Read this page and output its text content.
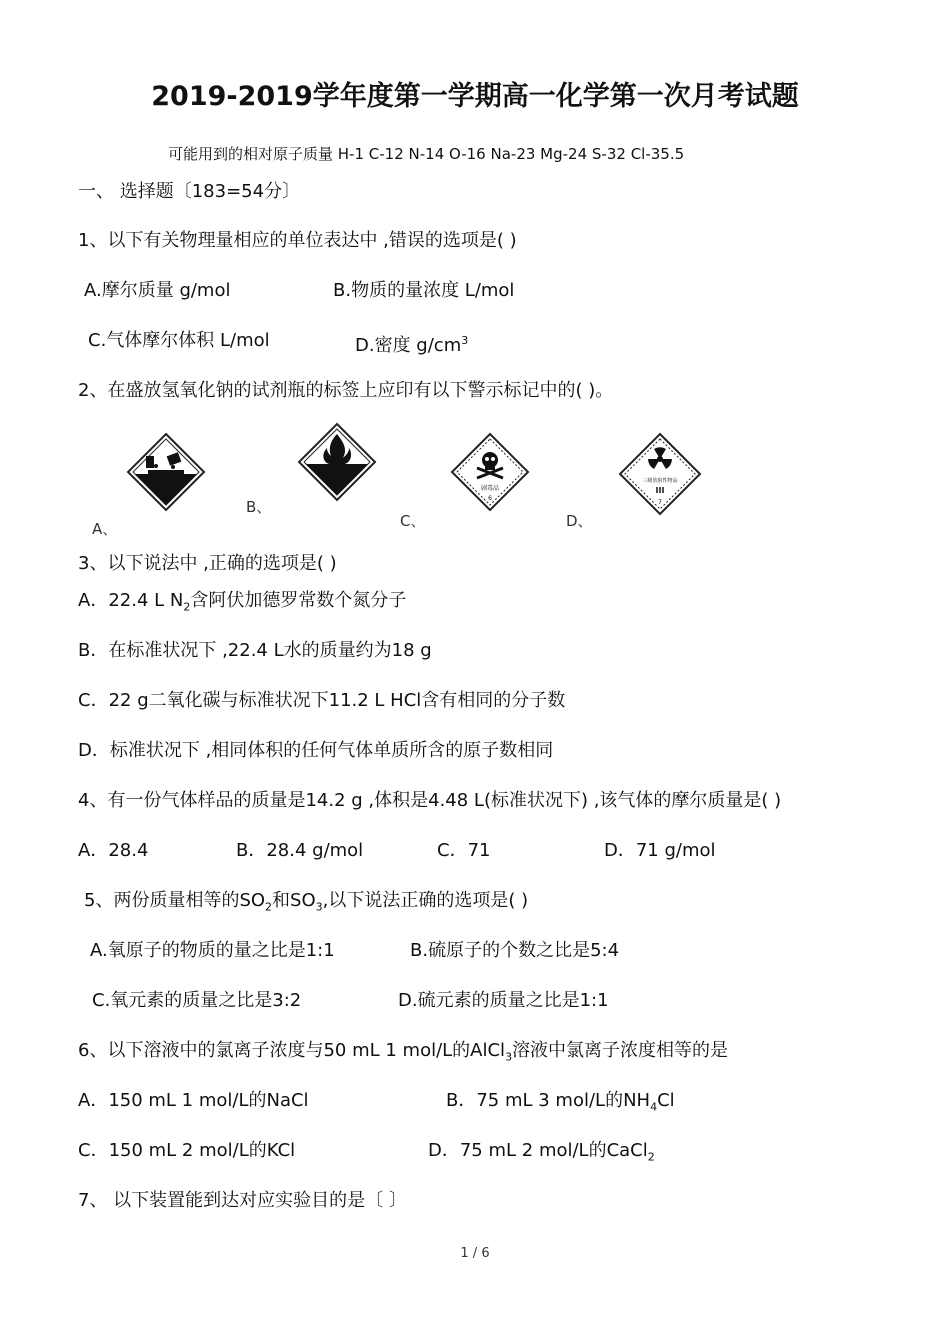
2019-2019学年度第一学期高一化学第一次月考试题
可能用到的相对原子质量 H-1 C-12 N-14 O-16 Na-23 Mg-24 S-32 Cl-35.5
一、 选择题〔183=54分〕
1、以下有关物理量相应的单位表达中 ,错误的选项是( )
A.摩尔质量 g/mol	B.物质的量浓度 L/mol
C.气体摩尔体积 L/mol	D.密度 $g/cm^3$
2、在盛放氢氧化钠的试剂瓶的标签上应印有以下警示标记中的( )。
A、
B、
剧毒品
6
C、
三级放射性物品
III
7
D、
3、以下说法中 ,正确的选项是( )
A．22.4 L $N_2$含阿伏加德罗常数个氮分子
B．在标准状况下 ,22.4 L水的质量约为18 g
C．22 g二氧化碳与标准状况下11.2 L HCl含有相同的分子数
D．标准状况下 ,相同体积的任何气体单质所含的原子数相同
4、有一份气体样品的质量是14.2 g ,体积是4.48 L(标准状况下) ,该气体的摩尔质量是( )
A．28.4	B．28.4 g/mol	C．71	D．71 g/mol
5、两份质量相等的$SO_2$和$SO_3$,以下说法正确的选项是( )
A.氧原子的物质的量之比是1:1	B.硫原子的个数之比是5:4
C.氧元素的质量之比是3:2	D.硫元素的质量之比是1:1
6、以下溶液中的氯离子浓度与50 mL 1 mol/L的AlCl$_3$溶液中氯离子浓度相等的是
A．150 mL 1 mol/L的NaCl	B．75 mL 3 mol/L的$NH_4Cl$
C．150 mL 2 mol/L的KCl	D．75 mL 2 mol/L的CaCl$_2$
7、 以下装置能到达对应实验目的是〔 〕
1 / 6
